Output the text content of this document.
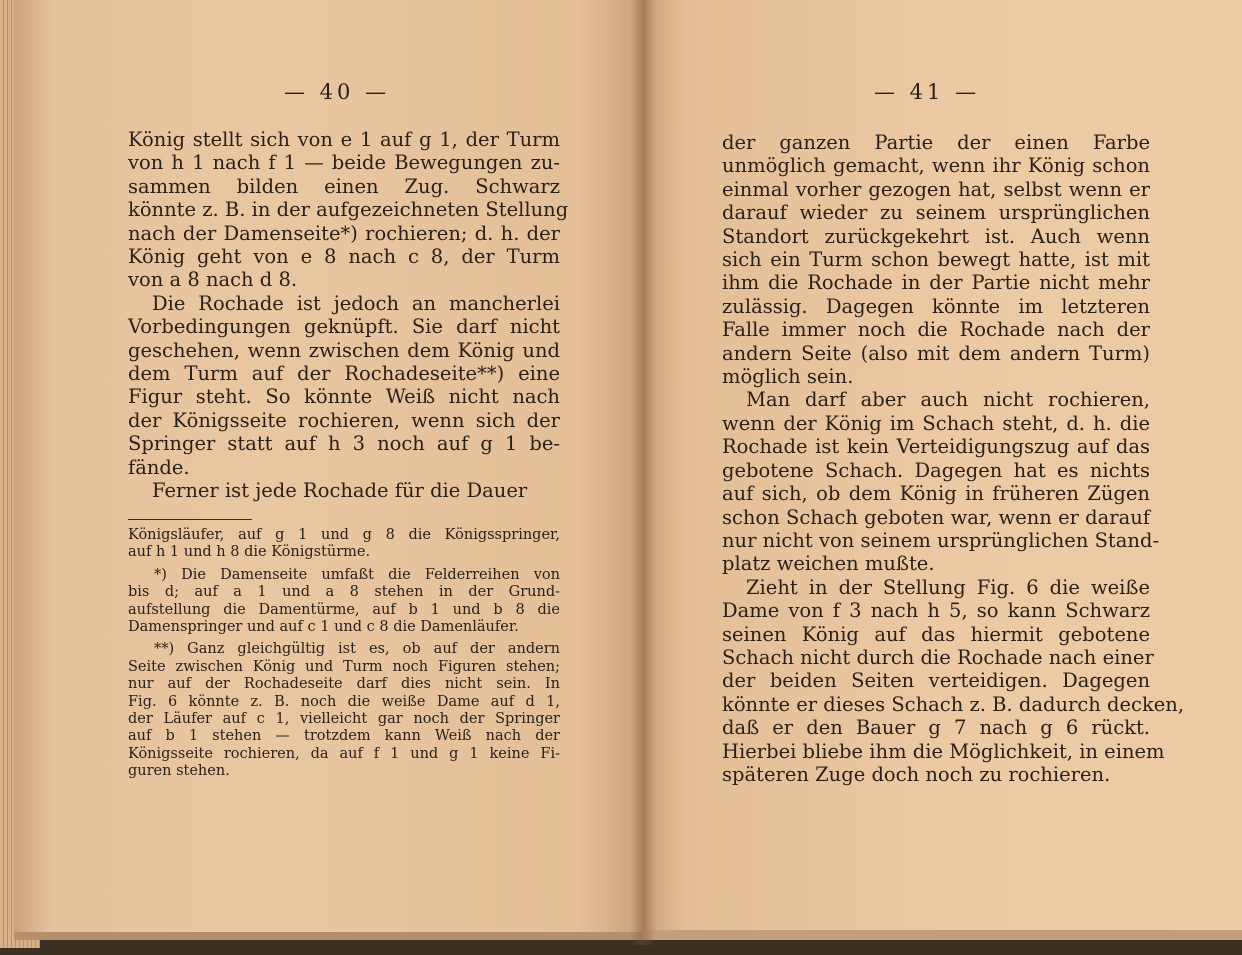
— 40 —
König stellt sich von e 1 auf g 1, der Turm
von h 1 nach f 1 — beide Bewegungen zu-
sammen bilden einen Zug. Schwarz
könnte z. B. in der aufgezeichneten Stellung
nach der Damenseite*) rochieren; d. h. der
König geht von e 8 nach c 8, der Turm
von a 8 nach d 8.
Die Rochade ist jedoch an mancherlei
Vorbedingungen geknüpft. Sie darf nicht
geschehen, wenn zwischen dem König und
dem Turm auf der Rochadeseite**) eine
Figur steht. So könnte Weiß nicht nach
der Königsseite rochieren, wenn sich der
Springer statt auf h 3 noch auf g 1 be-
fände.
Ferner ist jede Rochade für die Dauer
Königsläufer, auf g 1 und g 8 die Königsspringer,
auf h 1 und h 8 die Königstürme.
*) Die Damenseite umfaßt die Felderreihen von
bis d; auf a 1 und a 8 stehen in der Grund-
aufstellung die Damentürme, auf b 1 und b 8 die
Damenspringer und auf c 1 und c 8 die Damenläufer.
**) Ganz gleichgültig ist es, ob auf der andern
Seite zwischen König und Turm noch Figuren stehen;
nur auf der Rochadeseite darf dies nicht sein. In
Fig. 6 könnte z. B. noch die weiße Dame auf d 1,
der Läufer auf c 1, vielleicht gar noch der Springer
auf b 1 stehen — trotzdem kann Weiß nach der
Königsseite rochieren, da auf f 1 und g 1 keine Fi-
guren stehen.
— 41 —
der ganzen Partie der einen Farbe
unmöglich gemacht, wenn ihr König schon
einmal vorher gezogen hat, selbst wenn er
darauf wieder zu seinem ursprünglichen
Standort zurückgekehrt ist. Auch wenn
sich ein Turm schon bewegt hatte, ist mit
ihm die Rochade in der Partie nicht mehr
zulässig. Dagegen könnte im letzteren
Falle immer noch die Rochade nach der
andern Seite (also mit dem andern Turm)
möglich sein.
Man darf aber auch nicht rochieren,
wenn der König im Schach steht, d. h. die
Rochade ist kein Verteidigungszug auf das
gebotene Schach. Dagegen hat es nichts
auf sich, ob dem König in früheren Zügen
schon Schach geboten war, wenn er darauf
nur nicht von seinem ursprünglichen Stand-
platz weichen mußte.
Zieht in der Stellung Fig. 6 die weiße
Dame von f 3 nach h 5, so kann Schwarz
seinen König auf das hiermit gebotene
Schach nicht durch die Rochade nach einer
der beiden Seiten verteidigen. Dagegen
könnte er dieses Schach z. B. dadurch decken,
daß er den Bauer g 7 nach g 6 rückt.
Hierbei bliebe ihm die Möglichkeit, in einem
späteren Zuge doch noch zu rochieren.
